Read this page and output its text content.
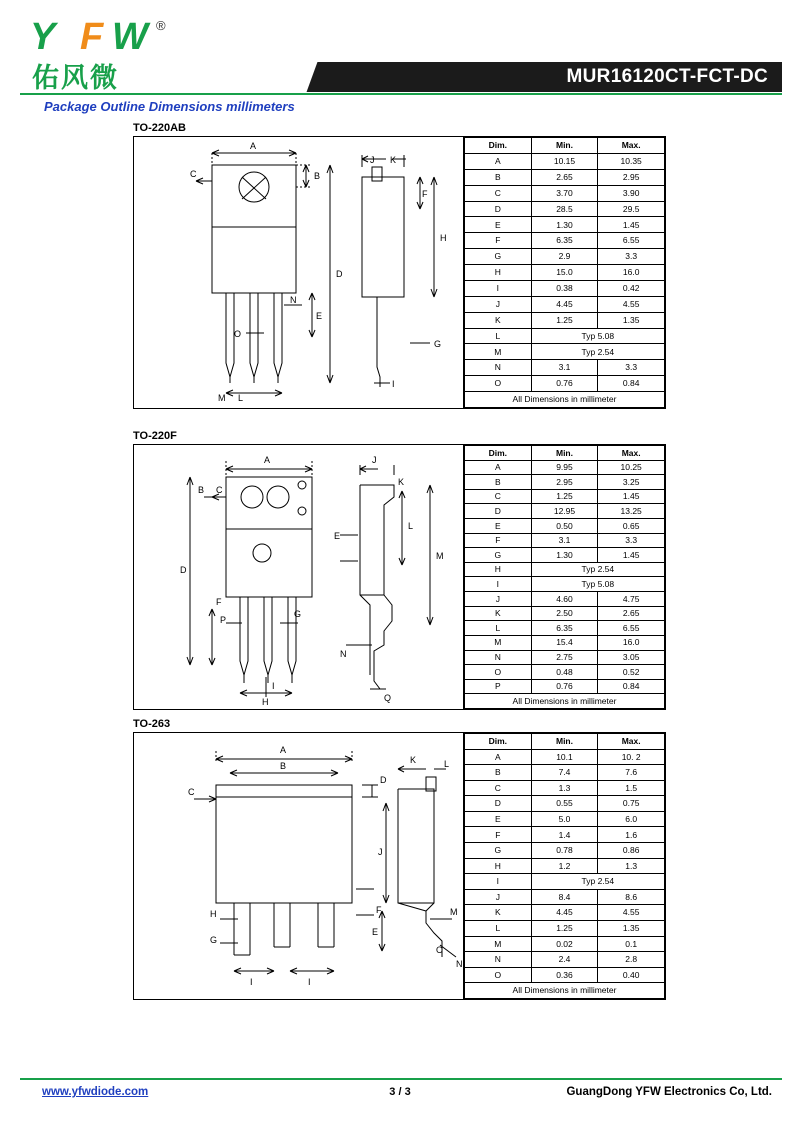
Y F W ®
佑风微	MUR16120CT-FCT-DC
Package Outline Dimensions millimeters
TO-220AB
A
B
C
D
E
F
G
H
I
J K
L
M
N
O
Dim.	Min.	Max.
A	10.15	10.35
B	2.65	2.95
C	3.70	3.90
D	28.5	29.5
E	1.30	1.45
F	6.35	6.55
G	2.9	3.3
H	15.0	16.0
I	0.38	0.42
J	4.45	4.55
K	1.25	1.35
L	Typ 5.08	
M	Typ 2.54	
N	3.1	3.3
O	0.76	0.84
All Dimensions in millimeter		
TO-220F
A
B C
D
E
F
G
H
I
J
K
L
M
N
P
Q
Dim.	Min.	Max.
A	9.95	10.25
B	2.95	3.25
C	1.25	1.45
D	12.95	13.25
E	0.50	0.65
F	3.1	3.3
G	1.30	1.45
H	Typ 2.54	
I	Typ 5.08	
J	4.60	4.75
K	2.50	2.65
L	6.35	6.55
M	15.4	16.0
N	2.75	3.05
O	0.48	0.52
P	0.76	0.84
All Dimensions in millimeter		
TO-263
A
B
C
D
E
F
G
H
I	I
J
K	L
M
O
N
Dim.	Min.	Max.
A	10.1	10. 2
B	7.4	7.6
C	1.3	1.5
D	0.55	0.75
E	5.0	6.0
F	1.4	1.6
G	0.78	0.86
H	1.2	1.3
I	Typ 2.54	
J	8.4	8.6
K	4.45	4.55
L	1.25	1.35
M	0.02	0.1
N	2.4	2.8
O	0.36	0.40
All Dimensions in millimeter		
www.yfwdiode.com	3 / 3	GuangDong YFW Electronics Co, Ltd.
